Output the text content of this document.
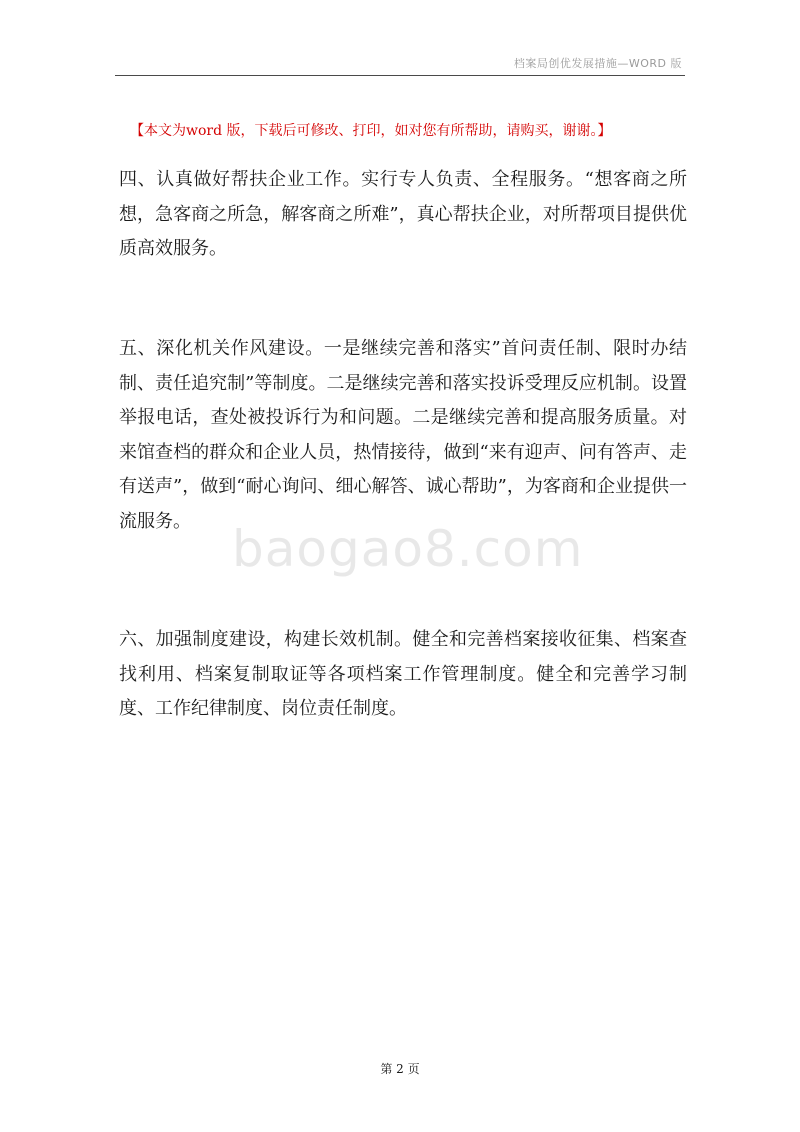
档案局创优发展措施—WORD 版
【本文为word 版，下载后可修改、打印，如对您有所帮助，请购买，谢谢。】
四、认真做好帮扶企业工作。实行专人负责、全程服务。“想客商之所想，急客商之所急，解客商之所难”，真心帮扶企业，对所帮项目提供优质高效服务。
五、深化机关作风建设。一是继续完善和落实”首问责任制、限时办结制、责任追究制”等制度。二是继续完善和落实投诉受理反应机制。设置举报电话，查处被投诉行为和问题。二是继续完善和提高服务质量。对来馆查档的群众和企业人员，热情接待，做到“来有迎声、问有答声、走有送声”，做到“耐心询问、细心解答、诚心帮助”，为客商和企业提供一流服务。
六、加强制度建设，构建长效机制。健全和完善档案接收征集、档案查找利用、档案复制取证等各项档案工作管理制度。健全和完善学习制度、工作纪律制度、岗位责任制度。
baogao8.com
第 2 页
